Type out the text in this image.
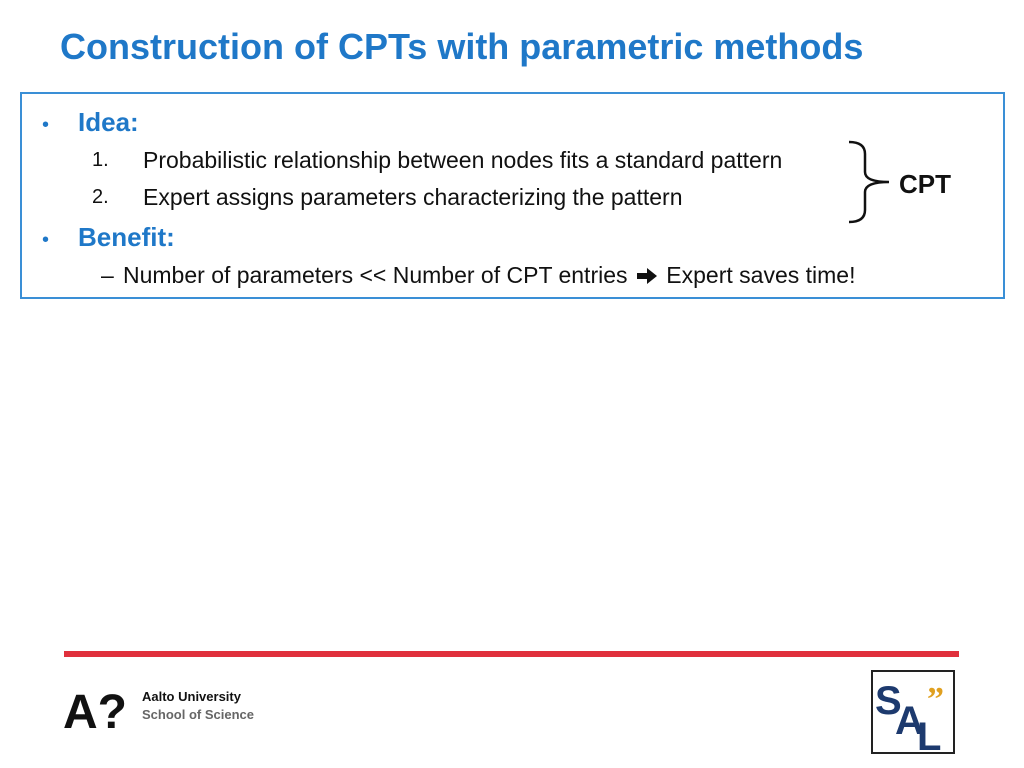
Construction of CPTs with parametric methods
• Idea:
1. Probabilistic relationship between nodes fits a standard pattern
2. Expert assigns parameters characterizing the pattern	CPT
• Benefit:
– Number of parameters << Number of CPT entries Expert saves time!
A? Aalto University
School of Science	S
A
L
”
